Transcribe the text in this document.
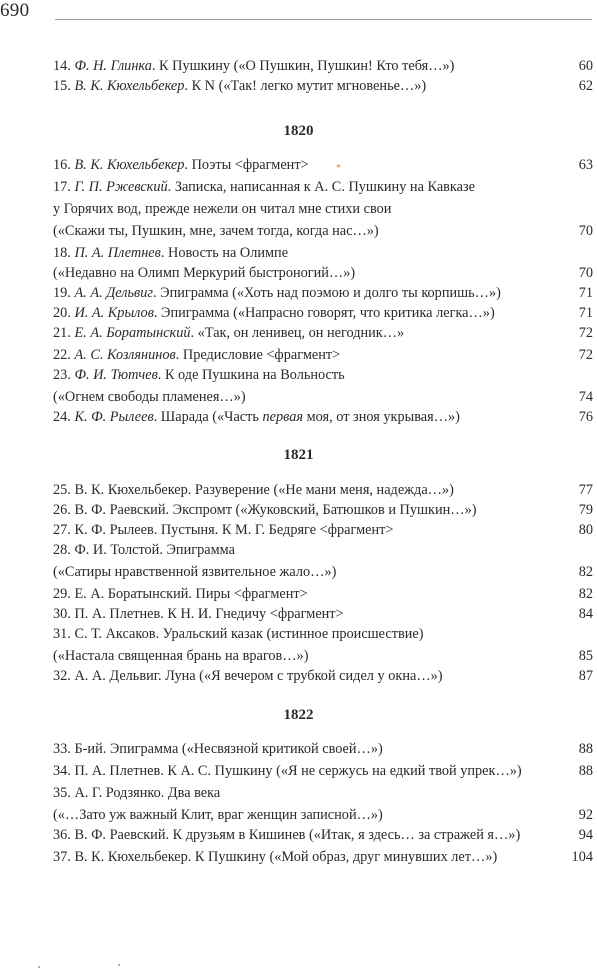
690
14. Ф. Н. Глинка. К Пушкину («О Пушкин, Пушкин! Кто тебя…»)	60
15. В. К. Кюхельбекер. К N («Так! легко мутит мгновенье…»)	62
1820
16. В. К. Кюхельбекер. Поэты <фрагмент>	63
17. Г. П. Ржевский. Записка, написанная к А. С. Пушкину на Кавказе
у Горячих вод, прежде нежели он читал мне стихи свои
(«Скажи ты, Пушкин, мне, зачем тогда, когда нас…»)	70
18. П. А. Плетнев. Новость на Олимпе
(«Недавно на Олимп Меркурий быстроногий…»)	70
19. А. А. Дельвиг. Эпиграмма («Хоть над поэмою и долго ты корпишь…»)	71
20. И. А. Крылов. Эпиграмма («Напрасно говорят, что критика легка…»)	71
21. Е. А. Боратынский. «Так, он ленивец, он негодник…»	72
22. А. С. Козлянинов. Предисловие <фрагмент>	72
23. Ф. И. Тютчев. К оде Пушкина на Вольность
(«Огнем свободы пламенея…»)	74
24. К. Ф. Рылеев. Шарада («Часть первая моя, от зноя укрывая…»)	76
1821
25. В. К. Кюхельбекер. Разуверение («Не мани меня, надежда…»)	77
26. В. Ф. Раевский. Экспромт («Жуковский, Батюшков и Пушкин…»)	79
27. К. Ф. Рылеев. Пустыня. К М. Г. Бедряге <фрагмент>	80
28. Ф. И. Толстой. Эпиграмма
(«Сатиры нравственной язвительное жало…»)	82
29. Е. А. Боратынский. Пиры <фрагмент>	82
30. П. А. Плетнев. К Н. И. Гнедичу <фрагмент>	84
31. С. Т. Аксаков. Уральский казак (истинное происшествие)
(«Настала священная брань на врагов…»)	85
32. А. А. Дельвиг. Луна («Я вечером с трубкой сидел у окна…»)	87
1822
33. Б-ий. Эпиграмма («Несвязной критикой своей…»)	88
34. П. А. Плетнев. К А. С. Пушкину («Я не сержусь на едкий твой упрек…»)	88
35. А. Г. Родзянко. Два века
(«…Зато уж важный Клит, враг женщин записной…»)	92
36. В. Ф. Раевский. К друзьям в Кишинев («Итак, я здесь… за стражей я…»)	94
37. В. К. Кюхельбекер. К Пушкину («Мой образ, друг минувших лет…»)	104
*
